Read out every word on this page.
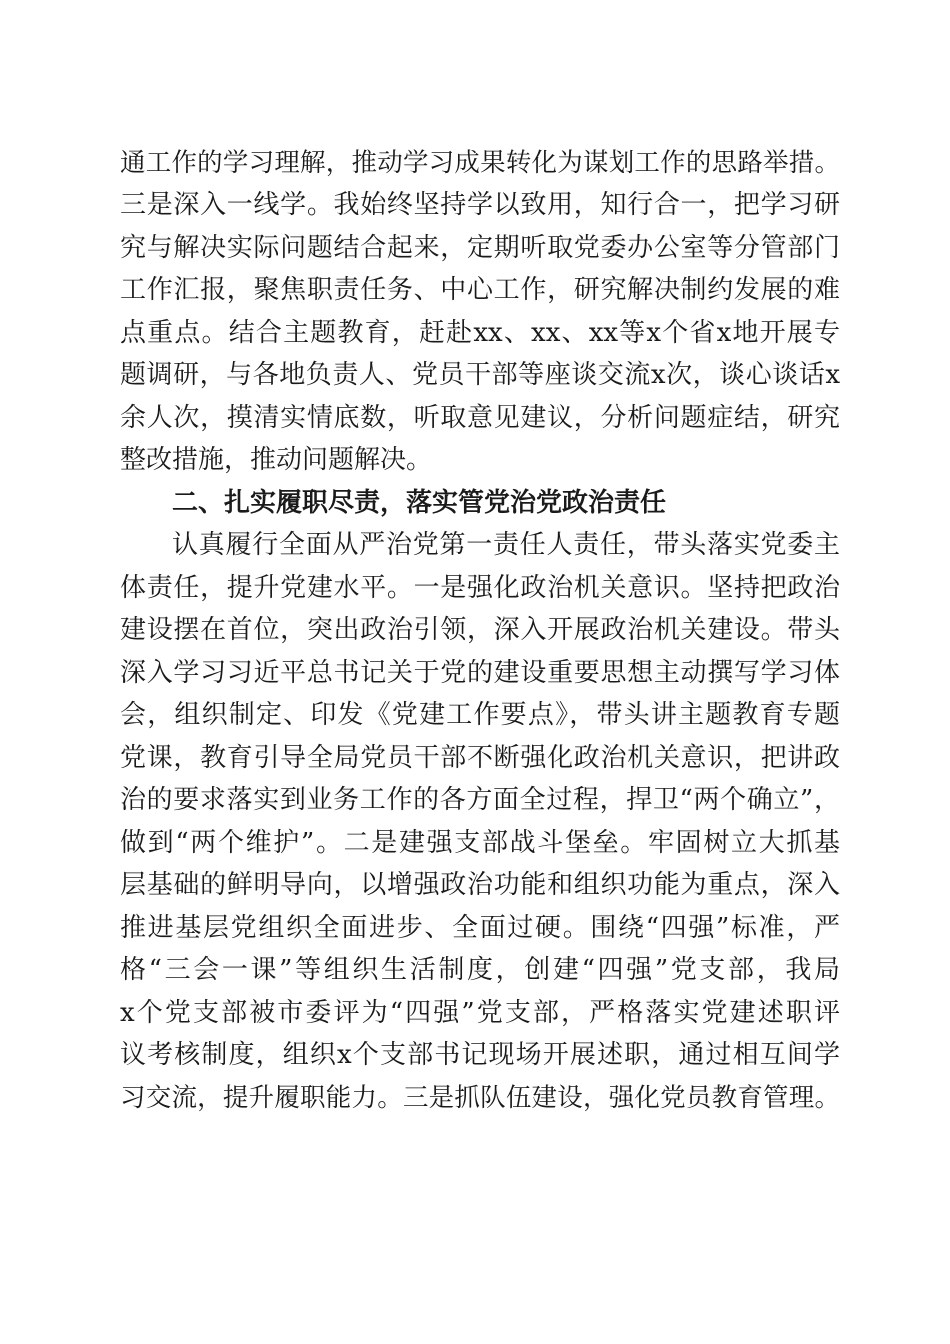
通工作的学习理解，推动学习成果转化为谋划工作的思路举措。
三是深入一线学。我始终坚持学以致用，知行合一，把学习研
究与解决实际问题结合起来，定期听取党委办公室等分管部门
工作汇报，聚焦职责任务、中心工作，研究解决制约发展的难
点重点。结合主题教育，赶赴xx、xx、xx等x个省x地开展专
题调研，与各地负责人、党员干部等座谈交流x次，谈心谈话x
余人次，摸清实情底数，听取意见建议，分析问题症结，研究
整改措施，推动问题解决。
二、扎实履职尽责，落实管党治党政治责任
认真履行全面从严治党第一责任人责任，带头落实党委主
体责任，提升党建水平。一是强化政治机关意识。坚持把政治
建设摆在首位，突出政治引领，深入开展政治机关建设。带头
深入学习习近平总书记关于党的建设重要思想主动撰写学习体
会，组织制定、印发《党建工作要点》，带头讲主题教育专题
党课，教育引导全局党员干部不断强化政治机关意识，把讲政
治的要求落实到业务工作的各方面全过程，捍卫“两个确立”，
做到“两个维护”。二是建强支部战斗堡垒。牢固树立大抓基
层基础的鲜明导向，以增强政治功能和组织功能为重点，深入
推进基层党组织全面进步、全面过硬。围绕“四强”标准，严
格“三会一课”等组织生活制度，创建“四强”党支部，我局
x个党支部被市委评为“四强”党支部，严格落实党建述职评
议考核制度，组织x个支部书记现场开展述职，通过相互间学
习交流，提升履职能力。三是抓队伍建设，强化党员教育管理。
